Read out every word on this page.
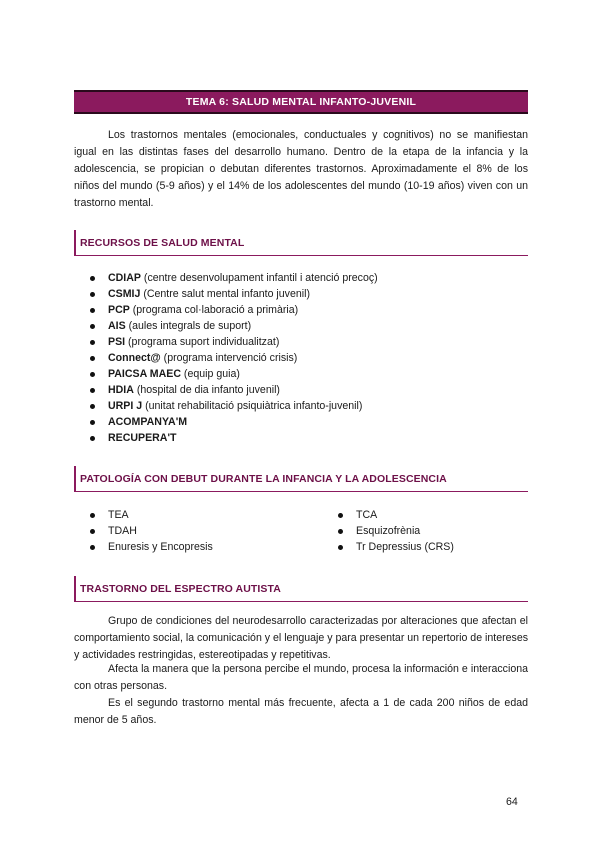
TEMA 6: SALUD MENTAL INFANTO-JUVENIL

Los trastornos mentales (emocionales, conductuales y cognitivos) no se manifiestan igual en las distintas fases del desarrollo humano. Dentro de la etapa de la infancia y la adolescencia, se propician o debutan diferentes trastornos. Aproximadamente el 8% de los niños del mundo (5-9 años) y el 14% de los adolescentes del mundo (10-19 años) viven con un trastorno mental.

RECURSOS DE SALUD MENTAL
CDIAP (centre desenvolupament infantil i atenció precoç)
CSMIJ (Centre salut mental infanto juvenil)
PCP (programa col·laboració a primària)
AIS (aules integrals de suport)
PSI (programa suport individualitzat)
Connect@ (programa intervenció crisis)
PAICSA MAEC (equip guia)
HDIA (hospital de dia infanto juvenil)
URPI J (unitat rehabilitació psiquiàtrica infanto-juvenil)
ACOMPANYA'M
RECUPERA'T
PATOLOGÍA CON DEBUT DURANTE LA INFANCIA Y LA ADOLESCENCIA
TEA
TDAH
Enuresis y Encopresis
TCA
Esquizofrènia
Tr Depressius (CRS)
TRASTORNO DEL ESPECTRO AUTISTA

Grupo de condiciones del neurodesarrollo caracterizadas por alteraciones que afectan el comportamiento social, la comunicación y el lenguaje y para presentar un repertorio de intereses y actividades restringidas, estereotipadas y repetitivas.

Afecta la manera que la persona percibe el mundo, procesa la información e interacciona con otras personas.

Es el segundo trastorno mental más frecuente, afecta a 1 de cada 200 niños de edad menor de 5 años.

64
